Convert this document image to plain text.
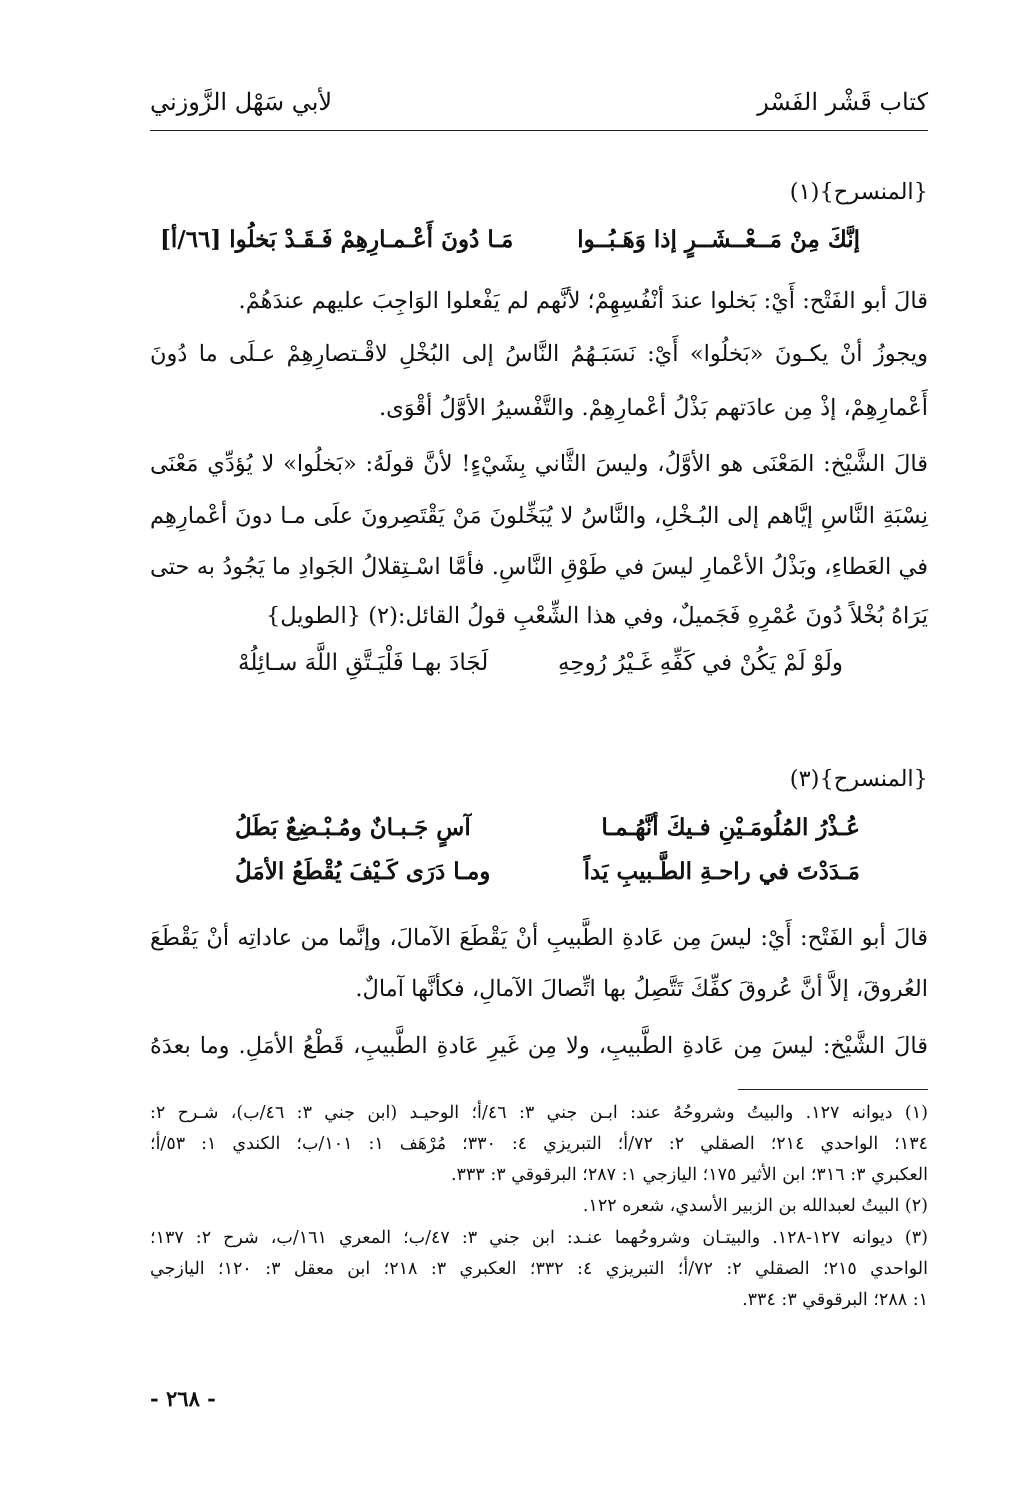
كتاب قَشْر الفَسْر
لأبي سَهْل الزَّوزني
{المنسرح}(١)
إنَّكَ مِنْ مَــعْــشَــرٍ إذا وَهَـبُــوا
مَـا دُونَ أَعْـمـارِهِمْ فَـقَـدْ بَخلُوا [٦٦/أ]
قالَ أبو الفَتْح: أَيْ: بَخلوا عندَ أنْفُسِهِمْ؛ لأنَّهم لم يَفْعلوا الوَاجِبَ عليهم عندَهُمْ.
ويجوزُ أنْ يكـونَ «بَخلُوا» أَيْ: نَسَبَـهُمُ النَّاسُ إلى البُخْلِ لاقْـتصارِهِمْ عـلَى ما دُونَ
أَعْمارِهِمْ، إذْ مِن عادَتهم بَذْلُ أعْمارِهِمْ. والتَّفْسيرُ الأوَّلُ أقْوَى.
قالَ الشَّيْخ: المَعْنَى هو الأوَّلُ، وليسَ الثَّاني بِشَيْءٍ! لأنَّ قولَهُ: «بَخلُوا» لا يُؤدِّي مَعْنَى
نِسْبَةِ النَّاسِ إيَّاهم إلى البُـخْلِ، والنَّاسُ لا يُبَخِّلونَ مَنْ يَقْتَصِرونَ علَى مـا دونَ أعْمارِهِم
في العَطاءِ، وبَذْلُ الأعْمارِ ليسَ في طَوْقِ النَّاسِ. فأمَّا اسْـتِقلالُ الجَوادِ ما يَجُودُ به حتى
يَرَاهُ بُخْلاً دُونَ عُمْرِهِ فَجَميلٌ، وفي هذا الشِّعْبِ قولُ القائل:(٢) {الطويل}
ولَوْ لَمْ يَكُنْ في كَفِّهِ غَـيْرُ رُوحِهِ
لَجَادَ بهـا فَلْيَـتَّقِ اللَّهَ سـائِلُهْ
{المنسرح}(٣)
عُـذْرُ المُلُومَـيْنِ فـيكَ أنَّهُـمـا
آسٍ جَـبـانٌ ومُـبْـضِعٌ بَطَلُ
مَـدَدْتَ في راحـةِ الطَّـبيبِ يَداً
ومـا دَرَى كَـيْفَ يُقْطَعُ الأمَلُ
قالَ أبو الفَتْح: أَيْ: ليسَ مِن عَادةِ الطَّبيبِ أنْ يَقْطَعَ الآمالَ، وإنَّما من عاداتِه أنْ يَقْطَعَ
العُروقَ، إلاَّ أنَّ عُروقَ كفِّكَ تَتَّصِلُ بها اتِّصالَ الآمالِ، فكأنَّها آمالٌ.
قالَ الشَّيْخ: ليسَ مِن عَادةِ الطَّبيبِ، ولا مِن غَيرِ عَادةِ الطَّبيبِ، قَطْعُ الأمَلِ. وما بعدَهُ
(١) ديوانه ١٢٧. والبيتُ وشروحُهُ عند: ابـن جني ٣: ٤٦/أ؛ الوحيـد (ابن جني ٣: ٤٦/ب)، شـرح ٢:
١٣٤؛ الواحدي ٢١٤؛ الصقلي ٢: ٧٢/أ؛ التبريزي ٤: ٣٣٠؛ مُرْهَف ١: ١٠١/ب؛ الكندي ١: ٥٣/أ؛
العكبري ٣: ٣١٦؛ ابن الأثير ١٧٥؛ اليازجي ١: ٢٨٧؛ البرقوقي ٣: ٣٣٣.
(٢) البيتُ لعبدالله بن الزبير الأسدي، شعره ١٢٢.
(٣) ديوانه ١٢٧-١٢٨. والبيتـان وشروحُهما عنـد: ابن جني ٣: ٤٧/ب؛ المعري ١٦١/ب، شرح ٢: ١٣٧؛
الواحدي ٢١٥؛ الصقلي ٢: ٧٢/أ؛ التبريزي ٤: ٣٣٢؛ العكبري ٣: ٢١٨؛ ابن معقل ٣: ١٢٠؛ اليازجي
١: ٢٨٨؛ البرقوقي ٣: ٣٣٤.
- ٢٦٨ -
